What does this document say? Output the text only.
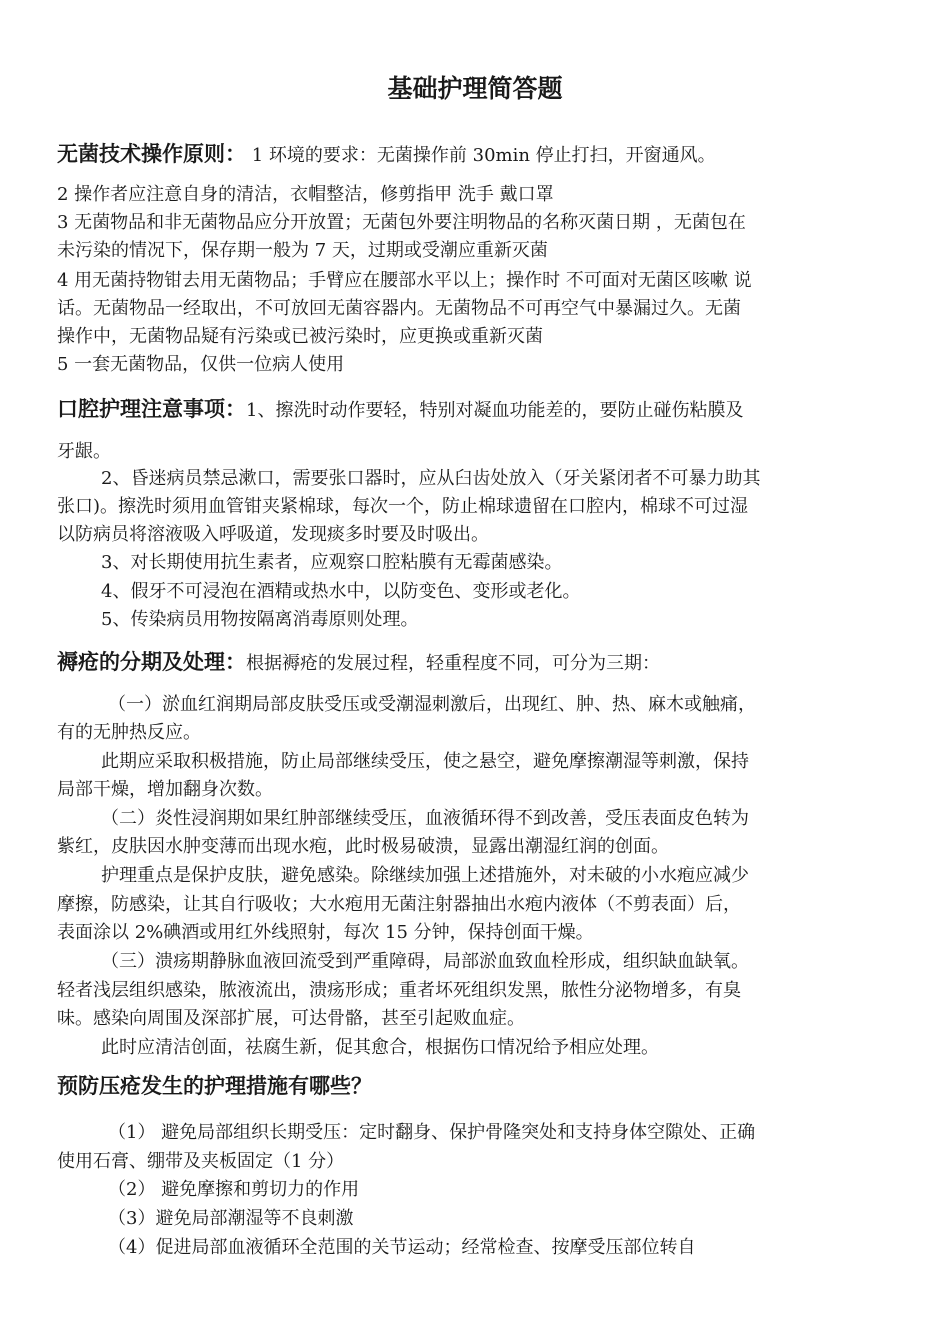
基础护理简答题
无菌技术操作原则： 1 环境的要求：无菌操作前 30min 停止打扫，开窗通风。
2 操作者应注意自身的清洁，衣帽整洁，修剪指甲 洗手 戴口罩
3 无菌物品和非无菌物品应分开放置；无菌包外要注明物品的名称灭菌日期 ，无菌包在
未污染的情况下，保存期一般为 7 天，过期或受潮应重新灭菌
4 用无菌持物钳去用无菌物品；手臂应在腰部水平以上；操作时 不可面对无菌区咳嗽 说
话。无菌物品一经取出，不可放回无菌容器内。无菌物品不可再空气中暴漏过久。无菌
操作中，无菌物品疑有污染或已被污染时，应更换或重新灭菌
5 一套无菌物品，仅供一位病人使用
口腔护理注意事项：1、擦洗时动作要轻，特别对凝血功能差的，要防止碰伤粘膜及
牙龈。
2、昏迷病员禁忌漱口，需要张口器时，应从臼齿处放入（牙关紧闭者不可暴力助其
张口)。擦洗时须用血管钳夹紧棉球，每次一个，防止棉球遗留在口腔内，棉球不可过湿
以防病员将溶液吸入呼吸道，发现痰多时要及时吸出。
3、对长期使用抗生素者，应观察口腔粘膜有无霉菌感染。
4、假牙不可浸泡在酒精或热水中，以防变色、变形或老化。
5、传染病员用物按隔离消毒原则处理。
褥疮的分期及处理：根据褥疮的发展过程，轻重程度不同，可分为三期：
（一）淤血红润期局部皮肤受压或受潮湿刺激后，出现红、肿、热、麻木或触痛，
有的无肿热反应。
此期应采取积极措施，防止局部继续受压，使之悬空，避免摩擦潮湿等刺激，保持
局部干燥，增加翻身次数。
（二）炎性浸润期如果红肿部继续受压，血液循环得不到改善，受压表面皮色转为
紫红，皮肤因水肿变薄而出现水疱，此时极易破溃，显露出潮湿红润的创面。
护理重点是保护皮肤，避免感染。除继续加强上述措施外，对未破的小水疱应减少
摩擦，防感染，让其自行吸收；大水疱用无菌注射器抽出水疱内液体（不剪表面）后，
表面涂以 2%碘酒或用红外线照射，每次 15 分钟，保持创面干燥。
（三）溃疡期静脉血液回流受到严重障碍，局部淤血致血栓形成，组织缺血缺氧。
轻者浅层组织感染，脓液流出，溃疡形成；重者坏死组织发黑，脓性分泌物增多，有臭
味。感染向周围及深部扩展，可达骨骼，甚至引起败血症。
此时应清洁创面，祛腐生新，促其愈合，根据伤口情况给予相应处理。
预防压疮发生的护理措施有哪些？
（1） 避免局部组织长期受压：定时翻身、保护骨隆突处和支持身体空隙处、正确
使用石膏、绷带及夹板固定（1 分）
（2） 避免摩擦和剪切力的作用
（3）避免局部潮湿等不良刺激
（4）促进局部血液循环全范围的关节运动；经常检查、按摩受压部位转自
